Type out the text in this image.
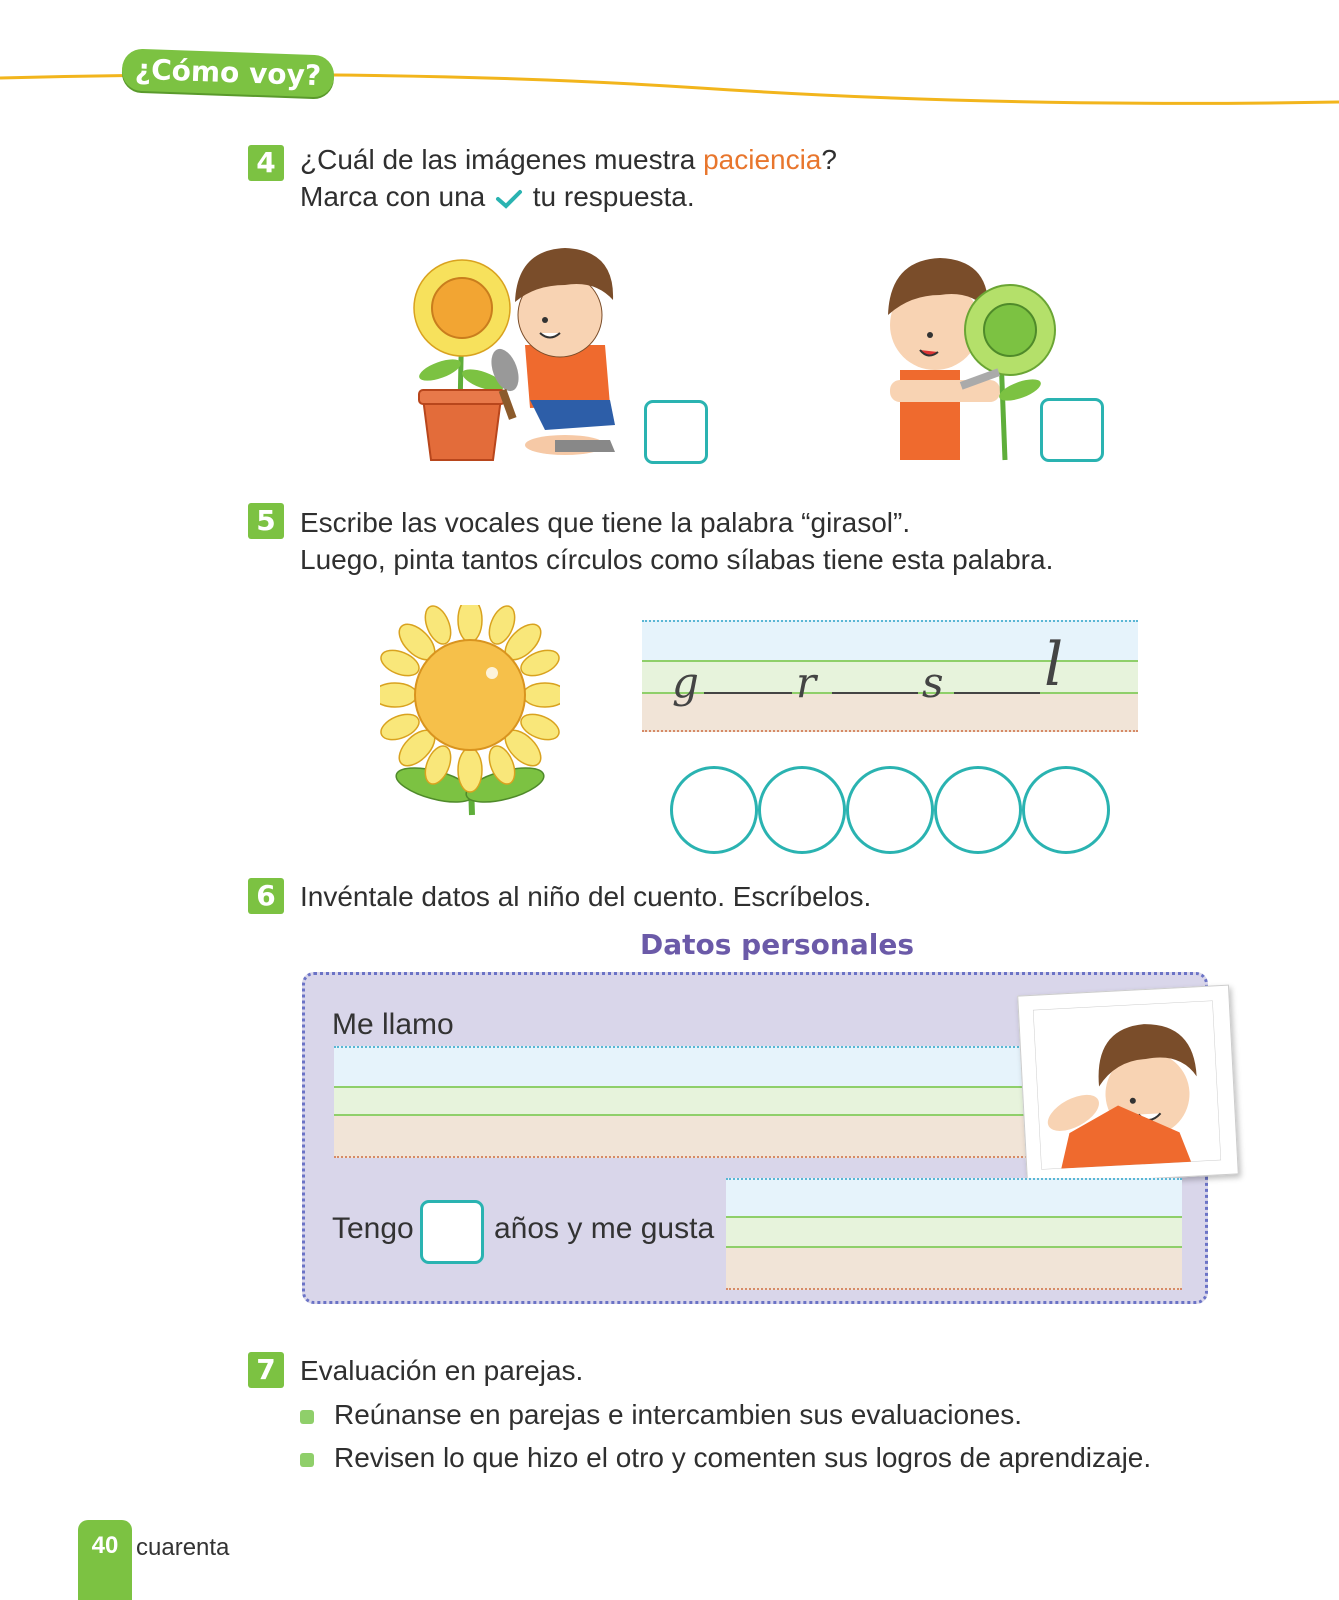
¿Cómo voy?
4 ¿Cuál de las imágenes muestra paciencia?
Marca con una  tu respuesta.
5 Escribe las vocales que tiene la palabra “girasol”.
Luego, pinta tantos círculos como sílabas tiene esta palabra.
g r	s l
6 Invéntale datos al niño del cuento. Escríbelos.
Datos personales
Me llamo
Tengo	años y me gusta
7 Evaluación en parejas.
Reúnanse en parejas e intercambien sus evaluaciones.
Revisen lo que hizo el otro y comenten sus logros de aprendizaje.
40 cuarenta
